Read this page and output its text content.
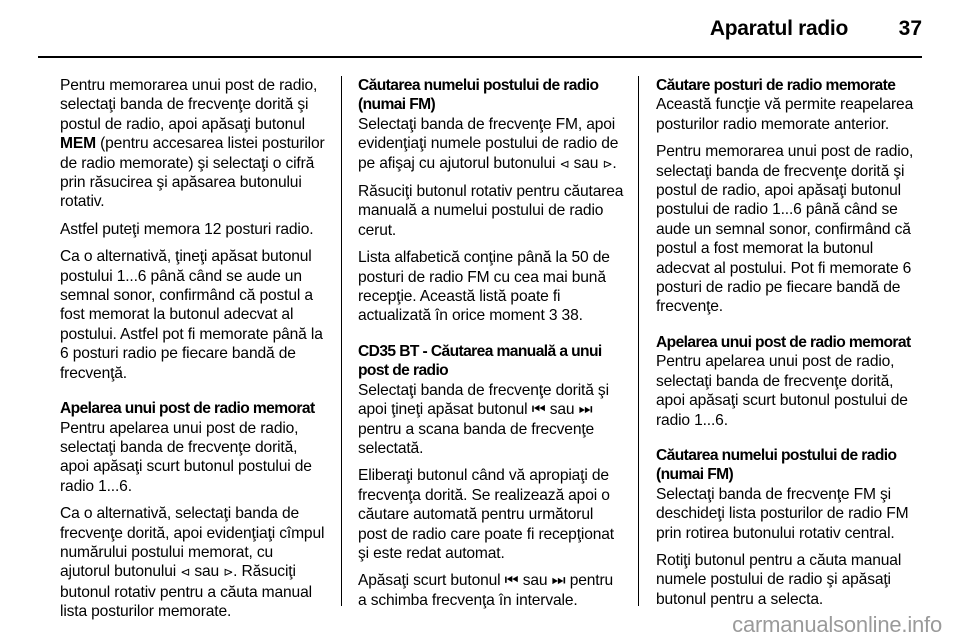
Aparatul radio 37

Pentru memorarea unui post de radio, selectaţi banda de frecvenţe dorită şi postul de radio, apoi apăsaţi butonul MEM (pentru accesarea listei posturilor de radio memorate) şi selectaţi o cifră prin răsucirea şi apăsarea butonului rotativ.

Astfel puteţi memora 12 posturi radio.

Ca o alternativă, ţineţi apăsat butonul postului 1...6 până când se aude un semnal sonor, confirmând că postul a fost memorat la butonul adecvat al postului. Astfel pot fi memorate până la 6 posturi radio pe fiecare bandă de frecvenţă.

Apelarea unui post de radio memorat

Pentru apelarea unui post de radio, selectaţi banda de frecvenţe dorită, apoi apăsaţi scurt butonul postului de radio 1...6.

Ca o alternativă, selectaţi banda de frecvenţe dorită, apoi evidenţiaţi cîmpul numărului postului memorat, cu ajutorul butonului ⊲ sau ⊳. Răsuciţi butonul rotativ pentru a căuta manual lista posturilor memorate.

Căutarea numelui postului de radio (numai FM)

Selectaţi banda de frecvenţe FM, apoi evidenţiaţi numele postului de radio de pe afişaj cu ajutorul butonului ⊲ sau ⊳.

Răsuciţi butonul rotativ pentru căutarea manuală a numelui postului de radio cerut.

Lista alfabetică conţine până la 50 de posturi de radio FM cu cea mai bună recepţie. Această listă poate fi actualizată în orice moment 3 38.

CD35 BT - Căutarea manuală a unui post de radio

Selectaţi banda de frecvenţe dorită şi apoi ţineţi apăsat butonul ⏮ sau ⏭ pentru a scana banda de frecvenţe selectată.

Eliberaţi butonul când vă apropiaţi de frecvenţa dorită. Se realizează apoi o căutare automată pentru următorul post de radio care poate fi recepţionat şi este redat automat.

Apăsaţi scurt butonul ⏮ sau ⏭ pentru a schimba frecvenţa în intervale.

Căutare posturi de radio memorate

Această funcţie vă permite reapelarea posturilor radio memorate anterior.

Pentru memorarea unui post de radio, selectaţi banda de frecvenţe dorită şi postul de radio, apoi apăsaţi butonul postului de radio 1...6 până când se aude un semnal sonor, confirmând că postul a fost memorat la butonul adecvat al postului. Pot fi memorate 6 posturi de radio pe fiecare bandă de frecvenţe.

Apelarea unui post de radio memorat

Pentru apelarea unui post de radio, selectaţi banda de frecvenţe dorită, apoi apăsaţi scurt butonul postului de radio 1...6.

Căutarea numelui postului de radio (numai FM)

Selectaţi banda de frecvenţe FM şi deschideţi lista posturilor de radio FM prin rotirea butonului rotativ central.

Rotiţi butonul pentru a căuta manual numele postului de radio şi apăsaţi butonul pentru a selecta.

carmanualsonline.info
